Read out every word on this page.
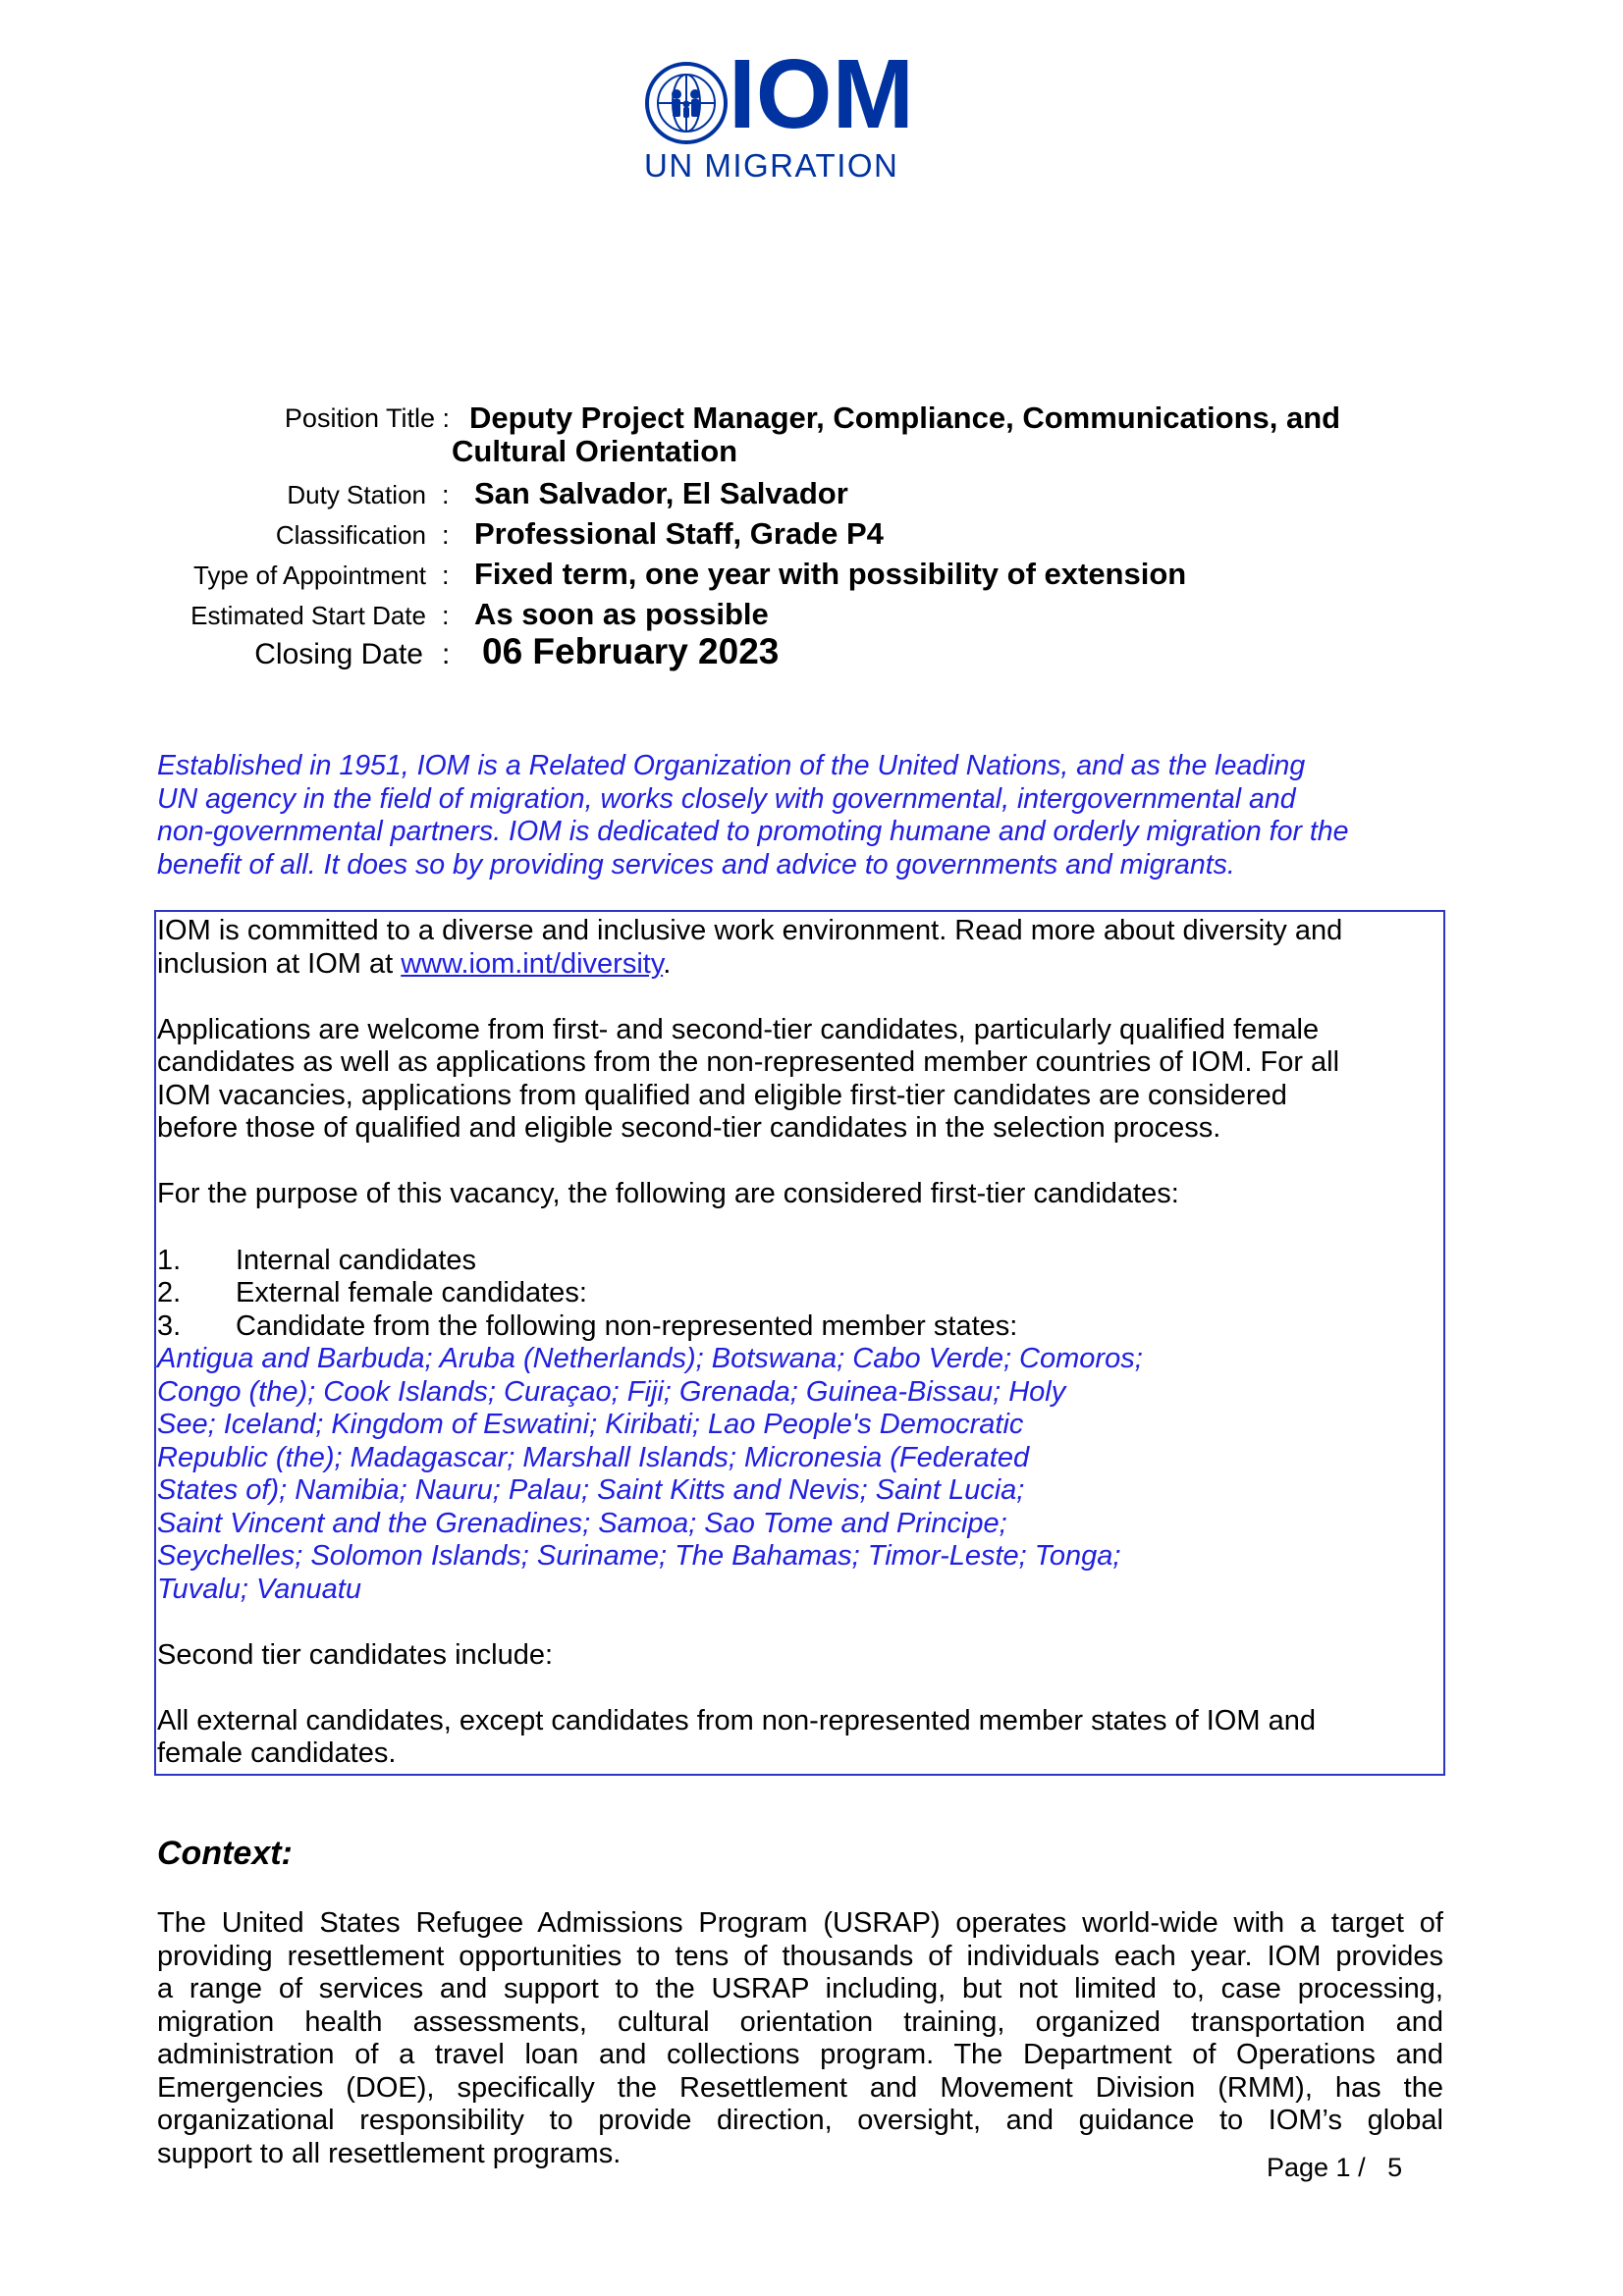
IOM
UN MIGRATION
Position Title : Deputy Project Manager, Compliance, Communications, and
Cultural Orientation
Duty Station : San Salvador, El Salvador
Classification : Professional Staff, Grade P4
Type of Appointment : Fixed term, one year with possibility of extension
Estimated Start Date : As soon as possible
Closing Date : 06 February 2023
Established in 1951, IOM is a Related Organization of the United Nations, and as the leading
UN agency in the field of migration, works closely with governmental, intergovernmental and
non-governmental partners. IOM is dedicated to promoting humane and orderly migration for the
benefit of all. It does so by providing services and advice to governments and migrants.
IOM is committed to a diverse and inclusive work environment. Read more about diversity and
inclusion at IOM at www.iom.int/diversity.
Applications are welcome from first- and second-tier candidates, particularly qualified female
candidates as well as applications from the non-represented member countries of IOM. For all
IOM vacancies, applications from qualified and eligible first-tier candidates are considered
before those of qualified and eligible second-tier candidates in the selection process.
For the purpose of this vacancy, the following are considered first-tier candidates:
1. Internal candidates
2. External female candidates:
3. Candidate from the following non-represented member states:
Antigua and Barbuda; Aruba (Netherlands); Botswana; Cabo Verde; Comoros;
Congo (the); Cook Islands; Curaçao; Fiji; Grenada; Guinea-Bissau; Holy
See; Iceland; Kingdom of Eswatini; Kiribati; Lao People's Democratic
Republic (the); Madagascar; Marshall Islands; Micronesia (Federated
States of); Namibia; Nauru; Palau; Saint Kitts and Nevis; Saint Lucia;
Saint Vincent and the Grenadines; Samoa; Sao Tome and Principe;
Seychelles; Solomon Islands; Suriname; The Bahamas; Timor-Leste; Tonga;
Tuvalu; Vanuatu
Second tier candidates include:
All external candidates, except candidates from non-represented member states of IOM and
female candidates.
Context:
The United States Refugee Admissions Program (USRAP) operates world-wide with a target of
providing resettlement opportunities to tens of thousands of individuals each year. IOM provides
a range of services and support to the USRAP including, but not limited to, case processing,
migration health assessments, cultural orientation training, organized transportation and
administration of a travel loan and collections program. The Department of Operations and
Emergencies (DOE), specifically the Resettlement and Movement Division (RMM), has the
organizational responsibility to provide direction, oversight, and guidance to IOM’s global
support to all resettlement programs.	Page 1 /   5
